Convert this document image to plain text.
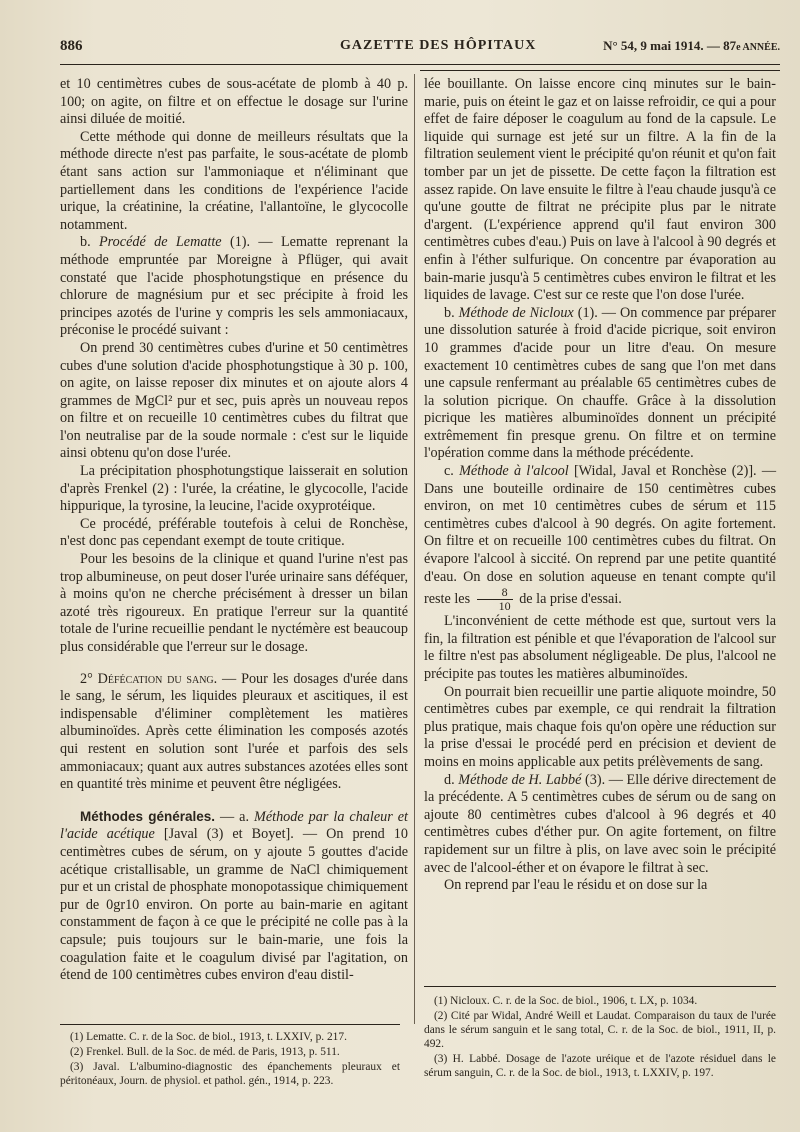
886	GAZETTE DES HÔPITAUX	N° 54, 9 mai 1914. — 87e ANNÉE.

et 10 centimètres cubes de sous-acétate de plomb à 40 p. 100; on agite, on filtre et on effectue le dosage sur l'urine ainsi diluée de moitié.

Cette méthode qui donne de meilleurs résultats que la méthode directe n'est pas parfaite, le sous-acétate de plomb étant sans action sur l'ammoniaque et n'éliminant que partiellement dans les conditions de l'expérience l'acide urique, la créatinine, la créatine, l'allantoïne, le glycocolle notamment.

b. Procédé de Lematte (1). — Lematte reprenant la méthode empruntée par Moreigne à Pflüger, qui avait constaté que l'acide phosphotungstique en présence du chlorure de magnésium pur et sec précipite à froid les principes azotés de l'urine y compris les sels ammoniacaux, préconise le procédé suivant :

On prend 30 centimètres cubes d'urine et 50 centimètres cubes d'une solution d'acide phosphotungstique à 30 p. 100, on agite, on laisse reposer dix minutes et on ajoute alors 4 grammes de MgCl² pur et sec, puis après un nouveau repos on filtre et on recueille 10 centimètres cubes du filtrat que l'on neutralise par de la soude normale : c'est sur le liquide ainsi obtenu qu'on dose l'urée.

La précipitation phosphotungstique laisserait en solution d'après Frenkel (2) : l'urée, la créatine, le glycocolle, l'acide hippurique, la tyrosine, la leucine, l'acide oxyprotéique.

Ce procédé, préférable toutefois à celui de Ronchèse, n'est donc pas cependant exempt de toute critique.

Pour les besoins de la clinique et quand l'urine n'est pas trop albumineuse, on peut doser l'urée urinaire sans déféquer, à moins qu'on ne cherche précisément à dresser un bilan azoté très rigoureux. En pratique l'erreur sur la quantité totale de l'urine recueillie pendant le nyctémère est beaucoup plus considérable que l'erreur sur le dosage.

2° Défécation du sang. — Pour les dosages d'urée dans le sang, le sérum, les liquides pleuraux et ascitiques, il est indispensable d'éliminer complètement les matières albuminoïdes. Après cette élimination les composés azotés qui restent en solution sont l'urée et parfois des sels ammoniacaux; quant aux autres substances azotées elles sont en quantité très minime et peuvent être négligées.

Méthodes générales. — a. Méthode par la chaleur et l'acide acétique [Javal (3) et Boyet]. — On prend 10 centimètres cubes de sérum, on y ajoute 5 gouttes d'acide acétique cristallisable, un gramme de NaCl chimiquement pur et un cristal de phosphate monopotassique chimiquement pur de 0gr10 environ. On porte au bain-marie en agitant constamment de façon à ce que le précipité ne colle pas à la capsule; puis toujours sur le bain-marie, une fois la coagulation faite et le coagulum divisé par l'agitation, on étend de 100 centimètres cubes environ d'eau distil-

lée bouillante. On laisse encore cinq minutes sur le bain-marie, puis on éteint le gaz et on laisse refroidir, ce qui a pour effet de faire déposer le coagulum au fond de la capsule. Le liquide qui surnage est jeté sur un filtre. A la fin de la filtration seulement vient le précipité qu'on réunit et qu'on fait tomber par un jet de pissette. De cette façon la filtration est assez rapide. On lave ensuite le filtre à l'eau chaude jusqu'à ce qu'une goutte de filtrat ne précipite plus par le nitrate d'argent. (L'expérience apprend qu'il faut environ 300 centimètres cubes d'eau.) Puis on lave à l'alcool à 90 degrés et enfin à l'éther sulfurique. On concentre par évaporation au bain-marie jusqu'à 5 centimètres cubes environ le filtrat et les liquides de lavage. C'est sur ce reste que l'on dose l'urée.

b. Méthode de Nicloux (1). — On commence par préparer une dissolution saturée à froid d'acide picrique, soit environ 10 grammes d'acide pour un litre d'eau. On mesure exactement 10 centimètres cubes de sang que l'on met dans une capsule renfermant au préalable 65 centimètres cubes de la solution picrique. On chauffe. Grâce à la dissolution picrique les matières albuminoïdes donnent un précipité extrêmement fin presque grenu. On filtre et on termine l'opération comme dans la méthode précédente.

c. Méthode à l'alcool [Widal, Javal et Ronchèse (2)]. — Dans une bouteille ordinaire de 150 centimètres cubes environ, on met 10 centimètres cubes de sérum et 115 centimètres cubes d'alcool à 90 degrés. On agite fortement. On filtre et on recueille 100 centimètres cubes du filtrat. On évapore l'alcool à siccité. On reprend par une petite quantité d'eau. On dose en solution aqueuse en tenant compte qu'il reste les $\frac{8}{10}$ de la prise d'essai.

L'inconvénient de cette méthode est que, surtout vers la fin, la filtration est pénible et que l'évaporation de l'alcool sur le filtre n'est pas absolument négligeable. De plus, l'alcool ne précipite pas toutes les matières albuminoïdes.

On pourrait bien recueillir une partie aliquote moindre, 50 centimètres cubes par exemple, ce qui rendrait la filtration plus pratique, mais chaque fois qu'on opère une réduction sur la prise d'essai le procédé perd en précision et devient de moins en moins applicable aux petits prélèvements de sang.

d. Méthode de H. Labbé (3). — Elle dérive directement de la précédente. A 5 centimètres cubes de sérum ou de sang on ajoute 80 centimètres cubes d'alcool à 96 degrés et 40 centimètres cubes d'éther pur. On agite fortement, on filtre rapidement sur un filtre à plis, on lave avec soin le précipité avec de l'alcool-éther et on évapore le filtrat à sec.

On reprend par l'eau le résidu et on dose sur la

(1) Lematte. C. r. de la Soc. de biol., 1913, t. LXXIV, p. 217.

(2) Frenkel. Bull. de la Soc. de méd. de Paris, 1913, p. 511.

(3) Javal. L'albumino-diagnostic des épanchements pleuraux et péritonéaux, Journ. de physiol. et pathol. gén., 1914, p. 223.

(1) Nicloux. C. r. de la Soc. de biol., 1906, t. LX, p. 1034.

(2) Cité par Widal, André Weill et Laudat. Comparaison du taux de l'urée dans le sérum sanguin et le sang total, C. r. de la Soc. de biol., 1911, II, p. 492.

(3) H. Labbé. Dosage de l'azote uréique et de l'azote résiduel dans le sérum sanguin, C. r. de la Soc. de biol., 1913, t. LXXIV, p. 197.
